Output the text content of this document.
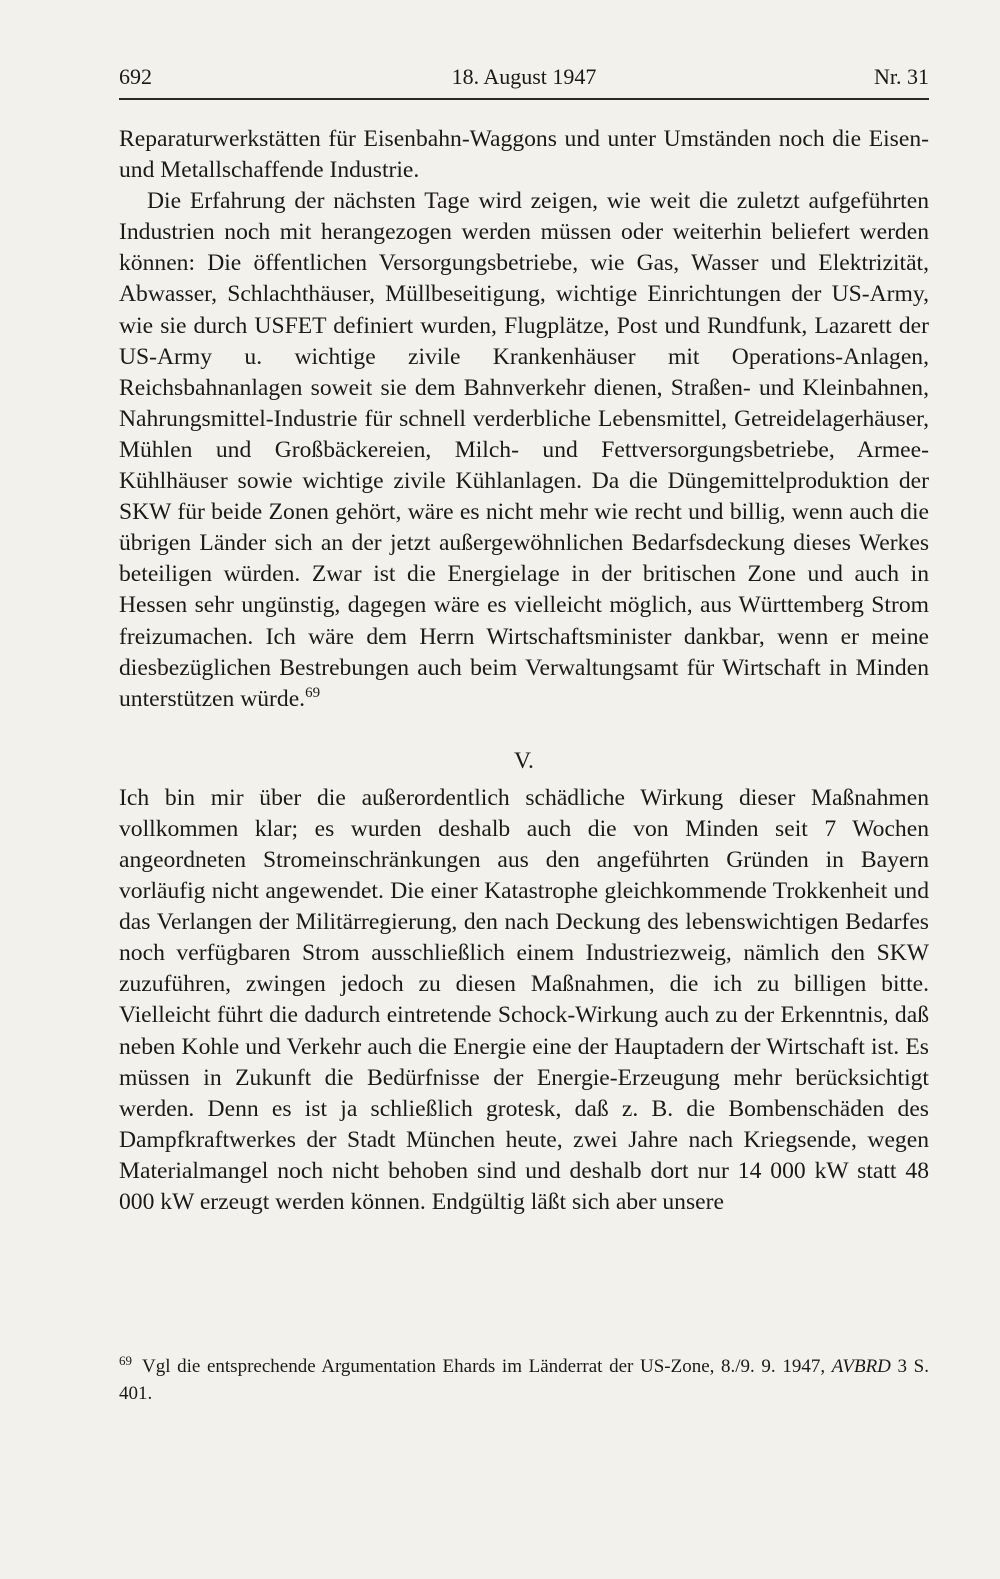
692	18. August 1947	Nr. 31

Reparaturwerkstätten für Eisenbahn-Waggons und unter Umständen noch die Eisen- und Metallschaffende Industrie.

Die Erfahrung der nächsten Tage wird zeigen, wie weit die zuletzt aufgeführten Industrien noch mit herangezogen werden müssen oder weiterhin beliefert werden können: Die öffentlichen Versorgungsbetriebe, wie Gas, Wasser und Elektrizität, Abwasser, Schlachthäuser, Müllbeseitigung, wichtige Einrichtungen der US-Army, wie sie durch USFET definiert wurden, Flugplätze, Post und Rundfunk, Lazarett der US-Army u. wichtige zivile Krankenhäuser mit Operations-Anlagen, Reichsbahnanlagen soweit sie dem Bahnverkehr dienen, Straßen- und Kleinbahnen, Nahrungsmittel-Industrie für schnell verderbliche Lebensmittel, Getreidelagerhäuser, Mühlen und Großbäckereien, Milch- und Fettversorgungsbetriebe, Armee-Kühlhäuser sowie wichtige zivile Kühlanlagen. Da die Düngemittelproduktion der SKW für beide Zonen gehört, wäre es nicht mehr wie recht und billig, wenn auch die übrigen Länder sich an der jetzt außergewöhnlichen Bedarfsdeckung dieses Werkes beteiligen würden. Zwar ist die Energielage in der britischen Zone und auch in Hessen sehr ungünstig, dagegen wäre es vielleicht möglich, aus Württemberg Strom freizumachen. Ich wäre dem Herrn Wirtschaftsminister dankbar, wenn er meine diesbezüglichen Bestrebungen auch beim Verwaltungsamt für Wirtschaft in Minden unterstützen würde.$^{69}$

V.

Ich bin mir über die außerordentlich schädliche Wirkung dieser Maßnahmen vollkommen klar; es wurden deshalb auch die von Minden seit 7 Wochen angeordneten Stromeinschränkungen aus den angeführten Gründen in Bayern vorläufig nicht angewendet. Die einer Katastrophe gleichkommende Trokkenheit und das Verlangen der Militärregierung, den nach Deckung des lebenswichtigen Bedarfes noch verfügbaren Strom ausschließlich einem Industriezweig, nämlich den SKW zuzuführen, zwingen jedoch zu diesen Maßnahmen, die ich zu billigen bitte. Vielleicht führt die dadurch eintretende Schock-Wirkung auch zu der Erkenntnis, daß neben Kohle und Verkehr auch die Energie eine der Hauptadern der Wirtschaft ist. Es müssen in Zukunft die Bedürfnisse der Energie-Erzeugung mehr berücksichtigt werden. Denn es ist ja schließlich grotesk, daß z. B. die Bombenschäden des Dampfkraftwerkes der Stadt München heute, zwei Jahre nach Kriegsende, wegen Materialmangel noch nicht behoben sind und deshalb dort nur 14 000 kW statt 48 000 kW erzeugt werden können. Endgültig läßt sich aber unsere

$^{69}$ Vgl die entsprechende Argumentation Ehards im Länderrat der US-Zone, 8./9. 9. 1947, AVBRD 3 S. 401.
